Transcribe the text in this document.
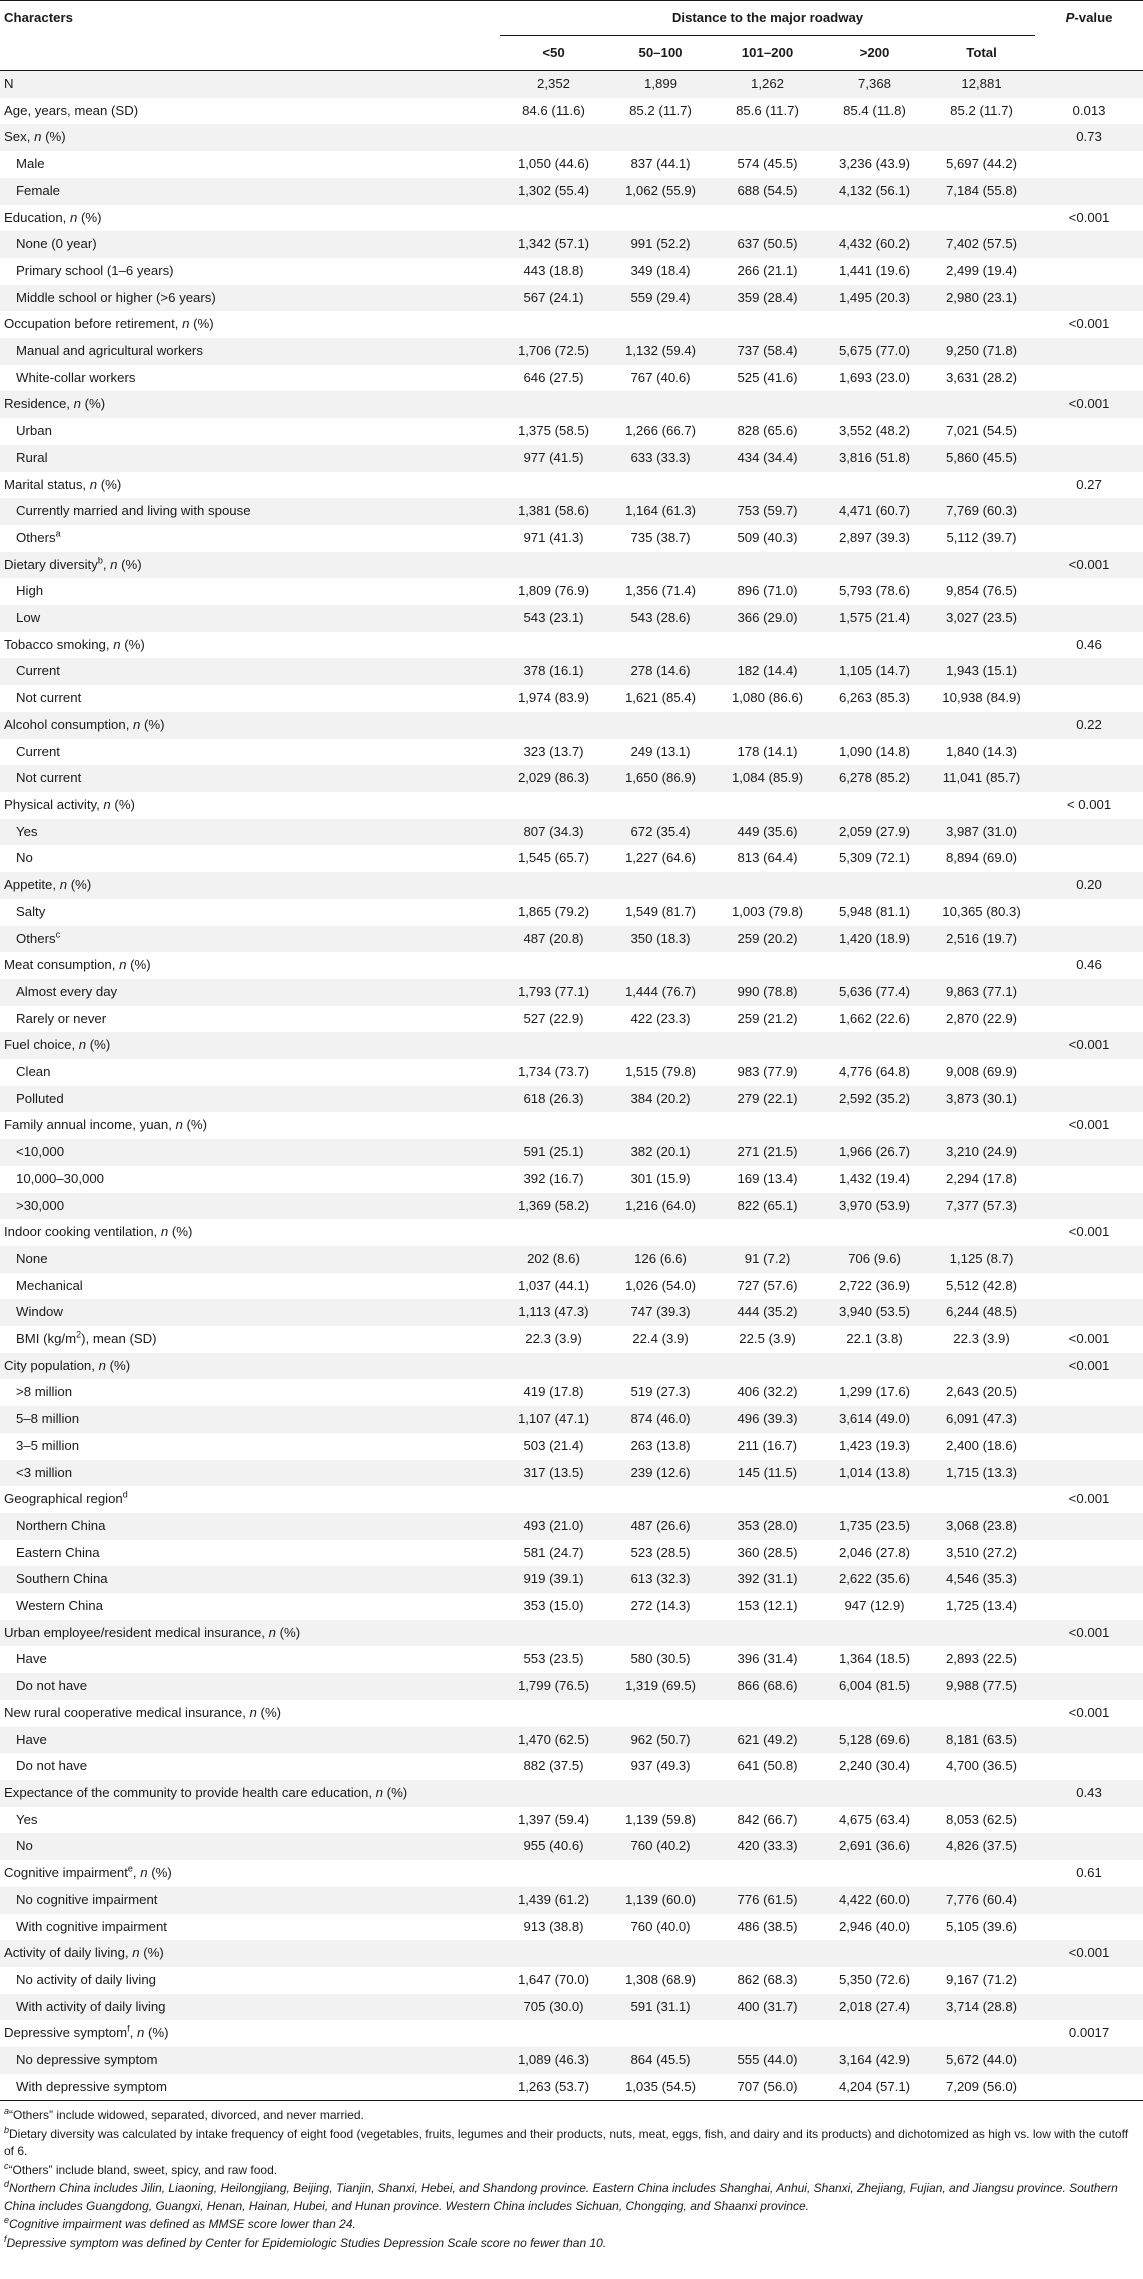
Characters	Distance to the major roadway					P-value
	<50	50–100	101–200	>200	Total	
N	2,352	1,899	1,262	7,368	12,881	
Age, years, mean (SD)	84.6 (11.6)	85.2 (11.7)	85.6 (11.7)	85.4 (11.8)	85.2 (11.7)	0.013
Sex, n (%)						0.73
Male	1,050 (44.6)	837 (44.1)	574 (45.5)	3,236 (43.9)	5,697 (44.2)	
Female	1,302 (55.4)	1,062 (55.9)	688 (54.5)	4,132 (56.1)	7,184 (55.8)	
Education, n (%)						<0.001
None (0 year)	1,342 (57.1)	991 (52.2)	637 (50.5)	4,432 (60.2)	7,402 (57.5)	
Primary school (1–6 years)	443 (18.8)	349 (18.4)	266 (21.1)	1,441 (19.6)	2,499 (19.4)	
Middle school or higher (>6 years)	567 (24.1)	559 (29.4)	359 (28.4)	1,495 (20.3)	2,980 (23.1)	
Occupation before retirement, n (%)						<0.001
Manual and agricultural workers	1,706 (72.5)	1,132 (59.4)	737 (58.4)	5,675 (77.0)	9,250 (71.8)	
White-collar workers	646 (27.5)	767 (40.6)	525 (41.6)	1,693 (23.0)	3,631 (28.2)	
Residence, n (%)						<0.001
Urban	1,375 (58.5)	1,266 (66.7)	828 (65.6)	3,552 (48.2)	7,021 (54.5)	
Rural	977 (41.5)	633 (33.3)	434 (34.4)	3,816 (51.8)	5,860 (45.5)	
Marital status, n (%)						0.27
Currently married and living with spouse	1,381 (58.6)	1,164 (61.3)	753 (59.7)	4,471 (60.7)	7,769 (60.3)	
Others$^a$	971 (41.3)	735 (38.7)	509 (40.3)	2,897 (39.3)	5,112 (39.7)	
Dietary diversity$^b$, n (%)						<0.001
High	1,809 (76.9)	1,356 (71.4)	896 (71.0)	5,793 (78.6)	9,854 (76.5)	
Low	543 (23.1)	543 (28.6)	366 (29.0)	1,575 (21.4)	3,027 (23.5)	
Tobacco smoking, n (%)						0.46
Current	378 (16.1)	278 (14.6)	182 (14.4)	1,105 (14.7)	1,943 (15.1)	
Not current	1,974 (83.9)	1,621 (85.4)	1,080 (86.6)	6,263 (85.3)	10,938 (84.9)	
Alcohol consumption, n (%)						0.22
Current	323 (13.7)	249 (13.1)	178 (14.1)	1,090 (14.8)	1,840 (14.3)	
Not current	2,029 (86.3)	1,650 (86.9)	1,084 (85.9)	6,278 (85.2)	11,041 (85.7)	
Physical activity, n (%)						< 0.001
Yes	807 (34.3)	672 (35.4)	449 (35.6)	2,059 (27.9)	3,987 (31.0)	
No	1,545 (65.7)	1,227 (64.6)	813 (64.4)	5,309 (72.1)	8,894 (69.0)	
Appetite, n (%)						0.20
Salty	1,865 (79.2)	1,549 (81.7)	1,003 (79.8)	5,948 (81.1)	10,365 (80.3)	
Others$^c$	487 (20.8)	350 (18.3)	259 (20.2)	1,420 (18.9)	2,516 (19.7)	
Meat consumption, n (%)						0.46
Almost every day	1,793 (77.1)	1,444 (76.7)	990 (78.8)	5,636 (77.4)	9,863 (77.1)	
Rarely or never	527 (22.9)	422 (23.3)	259 (21.2)	1,662 (22.6)	2,870 (22.9)	
Fuel choice, n (%)						<0.001
Clean	1,734 (73.7)	1,515 (79.8)	983 (77.9)	4,776 (64.8)	9,008 (69.9)	
Polluted	618 (26.3)	384 (20.2)	279 (22.1)	2,592 (35.2)	3,873 (30.1)	
Family annual income, yuan, n (%)						<0.001
<10,000	591 (25.1)	382 (20.1)	271 (21.5)	1,966 (26.7)	3,210 (24.9)	
10,000–30,000	392 (16.7)	301 (15.9)	169 (13.4)	1,432 (19.4)	2,294 (17.8)	
>30,000	1,369 (58.2)	1,216 (64.0)	822 (65.1)	3,970 (53.9)	7,377 (57.3)	
Indoor cooking ventilation, n (%)						<0.001
None	202 (8.6)	126 (6.6)	91 (7.2)	706 (9.6)	1,125 (8.7)	
Mechanical	1,037 (44.1)	1,026 (54.0)	727 (57.6)	2,722 (36.9)	5,512 (42.8)	
Window	1,113 (47.3)	747 (39.3)	444 (35.2)	3,940 (53.5)	6,244 (48.5)	
BMI $(kg/m^2)$, mean (SD)	22.3 (3.9)	22.4 (3.9)	22.5 (3.9)	22.1 (3.8)	22.3 (3.9)	<0.001
City population, n (%)						<0.001
>8 million	419 (17.8)	519 (27.3)	406 (32.2)	1,299 (17.6)	2,643 (20.5)	
5–8 million	1,107 (47.1)	874 (46.0)	496 (39.3)	3,614 (49.0)	6,091 (47.3)	
3–5 million	503 (21.4)	263 (13.8)	211 (16.7)	1,423 (19.3)	2,400 (18.6)	
<3 million	317 (13.5)	239 (12.6)	145 (11.5)	1,014 (13.8)	1,715 (13.3)	
Geographical region$^d$						<0.001
Northern China	493 (21.0)	487 (26.6)	353 (28.0)	1,735 (23.5)	3,068 (23.8)	
Eastern China	581 (24.7)	523 (28.5)	360 (28.5)	2,046 (27.8)	3,510 (27.2)	
Southern China	919 (39.1)	613 (32.3)	392 (31.1)	2,622 (35.6)	4,546 (35.3)	
Western China	353 (15.0)	272 (14.3)	153 (12.1)	947 (12.9)	1,725 (13.4)	
Urban employee/resident medical insurance, n (%)						<0.001
Have	553 (23.5)	580 (30.5)	396 (31.4)	1,364 (18.5)	2,893 (22.5)	
Do not have	1,799 (76.5)	1,319 (69.5)	866 (68.6)	6,004 (81.5)	9,988 (77.5)	
New rural cooperative medical insurance, n (%)						<0.001
Have	1,470 (62.5)	962 (50.7)	621 (49.2)	5,128 (69.6)	8,181 (63.5)	
Do not have	882 (37.5)	937 (49.3)	641 (50.8)	2,240 (30.4)	4,700 (36.5)	
Expectance of the community to provide health care education, n (%)						0.43
Yes	1,397 (59.4)	1,139 (59.8)	842 (66.7)	4,675 (63.4)	8,053 (62.5)	
No	955 (40.6)	760 (40.2)	420 (33.3)	2,691 (36.6)	4,826 (37.5)	
Cognitive impairment$^e$, n (%)						0.61
No cognitive impairment	1,439 (61.2)	1,139 (60.0)	776 (61.5)	4,422 (60.0)	7,776 (60.4)	
With cognitive impairment	913 (38.8)	760 (40.0)	486 (38.5)	2,946 (40.0)	5,105 (39.6)	
Activity of daily living, n (%)						<0.001
No activity of daily living	1,647 (70.0)	1,308 (68.9)	862 (68.3)	5,350 (72.6)	9,167 (71.2)	
With activity of daily living	705 (30.0)	591 (31.1)	400 (31.7)	2,018 (27.4)	3,714 (28.8)	
Depressive symptom$^f$, n (%)						0.0017
No depressive symptom	1,089 (46.3)	864 (45.5)	555 (44.0)	3,164 (42.9)	5,672 (44.0)	
With depressive symptom	1,263 (53.7)	1,035 (54.5)	707 (56.0)	4,204 (57.1)	7,209 (56.0)	

$^a$“Others” include widowed, separated, divorced, and never married.

$^b$Dietary diversity was calculated by intake frequency of eight food (vegetables, fruits, legumes and their products, nuts, meat, eggs, fish, and dairy and its products) and dichotomized as high vs. low with the cutoff of 6.

$^c$“Others” include bland, sweet, spicy, and raw food.

$^d$Northern China includes Jilin, Liaoning, Heilongjiang, Beijing, Tianjin, Shanxi, Hebei, and Shandong province. Eastern China includes Shanghai, Anhui, Shanxi, Zhejiang, Fujian, and Jiangsu province. Southern China includes Guangdong, Guangxi, Henan, Hainan, Hubei, and Hunan province. Western China includes Sichuan, Chongqing, and Shaanxi province.

$^e$Cognitive impairment was defined as MMSE score lower than 24.

$^f$Depressive symptom was defined by Center for Epidemiologic Studies Depression Scale score no fewer than 10.
